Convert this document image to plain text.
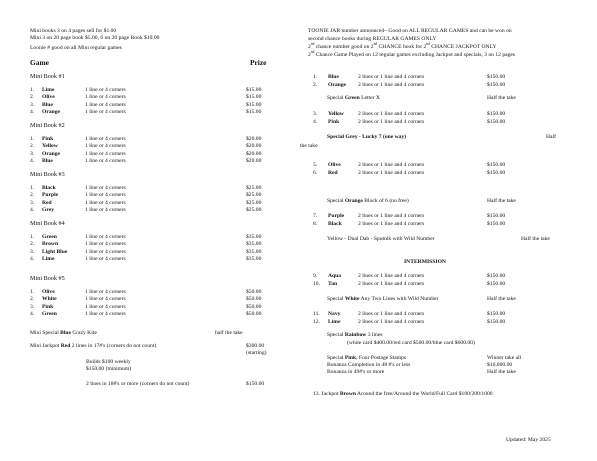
Mini books 3 on 4 pages sell for $1.00
Mini 3 on 20 page book $5.00, 6 on 20 page Book $10.00
Loonie # good on all Mini regular games
Game	Prize
Mini Book #1
1. Lime	1 line or 4 corners	$15.00
2. Olive	1 line or 4 corners	$15.00
3. Blue	1 line or 4 corners	$15.00
4. Orange	1 line or 4 corners	$15.00
Mini Book #2
1. Pink	1 line or 4 corners	$20.00
2. Yellow	1 line or 4 corners	$20.00
3. Orange	1 line or 4 corners	$20.00
4. Blue	1 line or 4 corners	$20.00
Mini Book #3
1. Black	1 line or 4 corners	$25.00
2. Purple	1 line or 4 corners	$25.00
3. Red	1 line or 4 corners	$25.00
4. Grey	1 line or 4 corners	$25.00
Mini Book #4
1. Green	1 line or 4 corners	$35.00
2. Brown	1 line or 4 corners	$35.00
3. Light Blue	1 line or 4 corners	$35.00
4. Lime	1 line or 4 corners	$35.00
Mini Book #5
1. Olive	1 line or 4 corners	$50.00
2. White	1 line or 4 corners	$50.00
3. Pink	1 line or 4 corners	$50.00
4. Green	1 line or 4 corners	$50.00
Mini Special Blue Crazy Kite	half the take
Mini Jackpot Red 2 lines in 17#'s (corners do not count)	$300.00
(starting)
Builds $100 weekly
$150.00 (minimum)
2 lines in 18#'s or more (corners do not count)	$150.00
TOONIE JAR number announced– Good on ALL REGULAR GAMES and can be won on
second chance books during REGULAR GAMES ONLY
2nd chance number good on 2nd CHANCE book for 2nd CHANCE JACKPOT ONLY
2nd Chance Game Played on 12 regular games excluding Jackpot and specials, 3 on 12 pages
1. Blue	2 lines or 1 line and 4 corners	$150.00
2. Orange 2 lines or 1 line and 4 corners	$150.00
Special Green Letter X	Half the take
3. Yellow	2 lines or 1 line and 4 corners	$150.00
4. Pink	2 lines or 1 line and 4 corners	$150.00
Special Grey - Lucky 7 (one way)	Half
the take
5. Olive	2 lines or 1 line and 4 corners	$150.00
6. Red	2 lines or 1 line and 4 corners	$150.00
Special Orange Block of 6 (no free)	Half the take
7. Purple 2 lines or 1 line and 4 corners	$150.00
8. Black	2 lines or 1 line and 4 corners	$150.00
Yellow - Dual Dab - Sputnik with Wild Number	Half the take
INTERMISSION
9. Aqua	2 lines or 1 line and 4 corners	$150.00
10. Tan	2 lines or 1 line and 4 corners	$150.00
Special White Any Two Lines with Wild Number	Half the take
11. Navy	2 lines or 1 line and 4 corners	$150.00
12. Lime	2 lines or 1 line and 4 corners	$150.00
Special Rainbow 3 lines
(white card $400.00/red card $500.00/blue card $600.00)
Special Pink, Four Postage Stamps	Winner take all
Bonanza Completion in 48 #'s or less	$10,000.00
Bonanza in 49#'s or more	Half the take
13. Jackpot Brown Around the free/Around the World/Full Card $100/200/1000
Updated: May 2025
